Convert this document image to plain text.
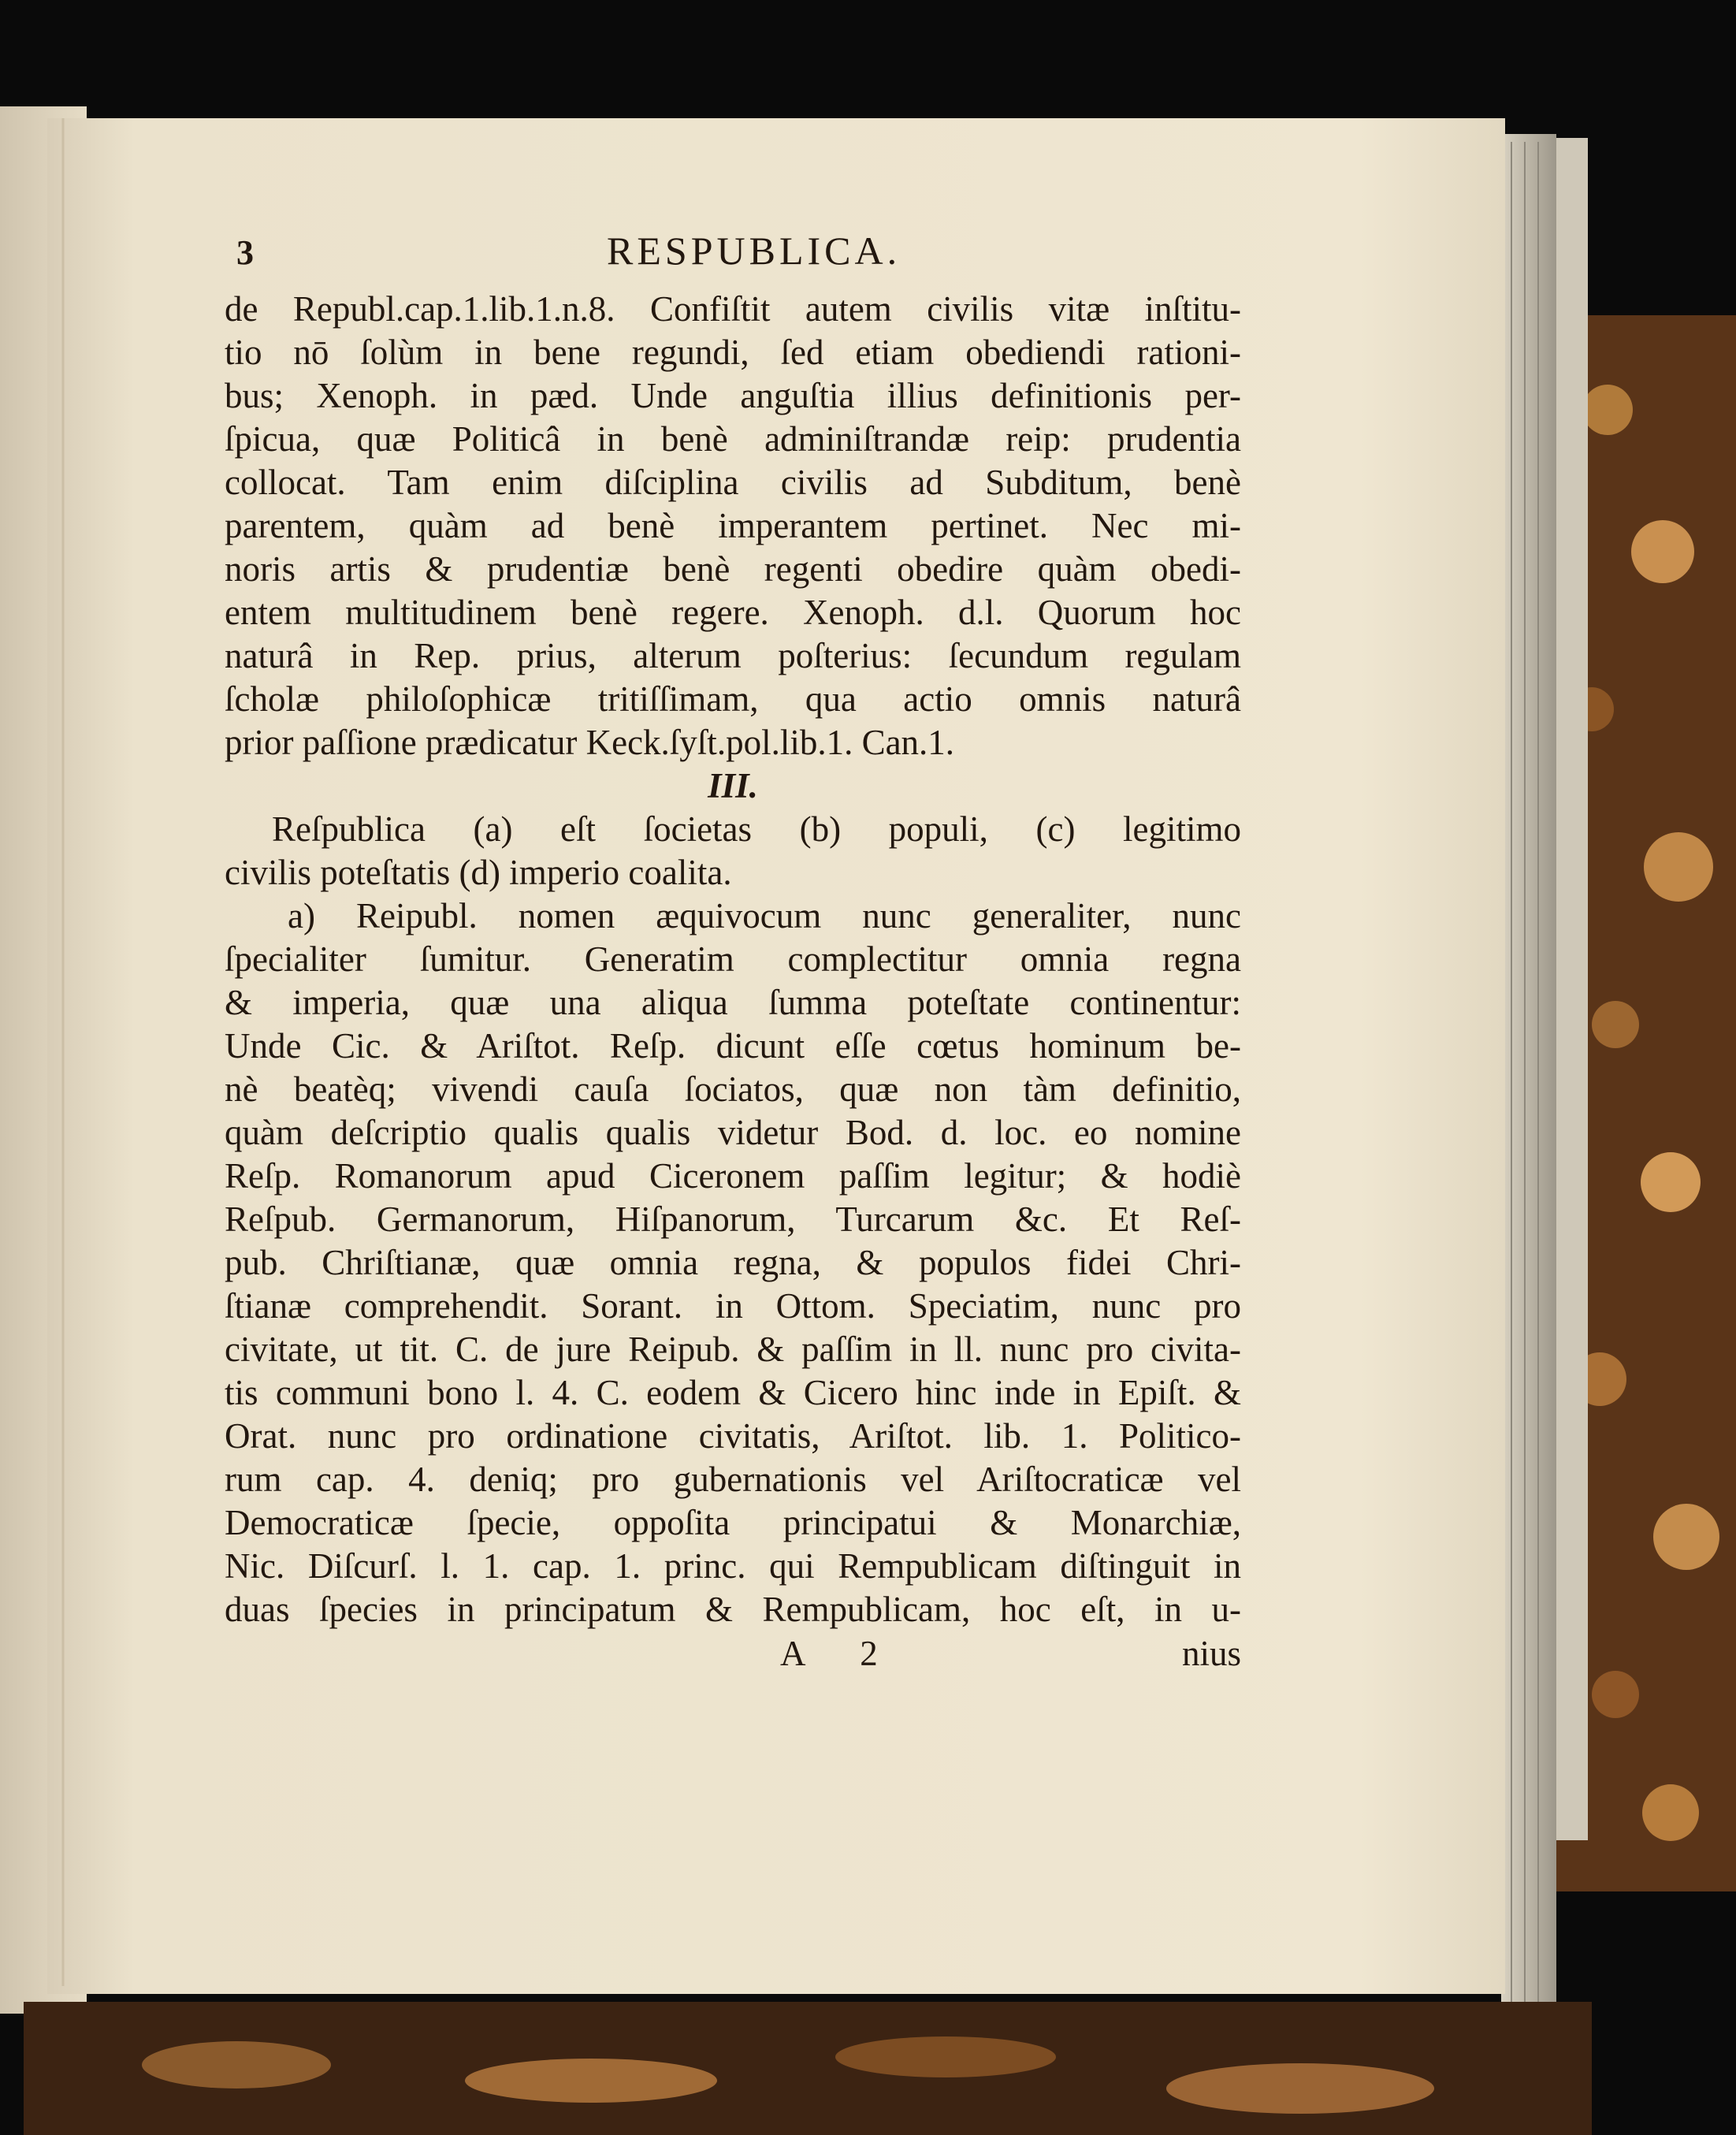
3	RESPUBLICA.
de Republ.cap.1.lib.1.n.8. Confiſtit autem civilis vitæ inſtitu-
tio nō ſolùm in bene regundi, ſed etiam obediendi rationi-
bus; Xenoph. in pæd. Unde anguſtia illius definitionis per-
ſpicua, quæ Politicâ in benè adminiſtrandæ reip: prudentia
collocat. Tam enim diſciplina civilis ad Subditum, benè
parentem, quàm ad benè imperantem pertinet. Nec mi-
noris artis & prudentiæ benè regenti obedire quàm obedi-
entem multitudinem benè regere. Xenoph. d.l. Quorum hoc
naturâ in Rep. prius, alterum poſterius: ſecundum regulam
ſcholæ philoſophicæ tritiſſimam, qua actio omnis naturâ
prior paſſione prædicatur Keck.ſyſt.pol.lib.1. Can.1.
III.
Reſpublica (a) eſt ſocietas (b) populi, (c) legitimo
civilis poteſtatis (d) imperio coalita.
a) Reipubl. nomen æquivocum nunc generaliter, nunc
ſpecialiter ſumitur. Generatim complectitur omnia regna
& imperia, quæ una aliqua ſumma poteſtate continentur:
Unde Cic. & Ariſtot. Reſp. dicunt eſſe cœtus hominum be-
nè beatèq; vivendi cauſa ſociatos, quæ non tàm definitio,
quàm deſcriptio qualis qualis videtur Bod. d. loc. eo nomine
Reſp. Romanorum apud Ciceronem paſſim legitur; & hodiè
Reſpub. Germanorum, Hiſpanorum, Turcarum &c. Et Reſ-
pub. Chriſtianæ, quæ omnia regna, & populos fidei Chri-
ſtianæ comprehendit. Sorant. in Ottom. Speciatim, nunc pro
civitate, ut tit. C. de jure Reipub. & paſſim in ll. nunc pro civita-
tis communi bono l. 4. C. eodem & Cicero hinc inde in Epiſt. &
Orat. nunc pro ordinatione civitatis, Ariſtot. lib. 1. Politico-
rum cap. 4. deniq; pro gubernationis vel Ariſtocraticæ vel
Democraticæ ſpecie, oppoſita principatui & Monarchiæ,
Nic. Diſcurſ. l. 1. cap. 1. princ. qui Rempublicam diſtinguit in
duas ſpecies in principatum & Rempublicam, hoc eſt, in u-
A 2	nius
